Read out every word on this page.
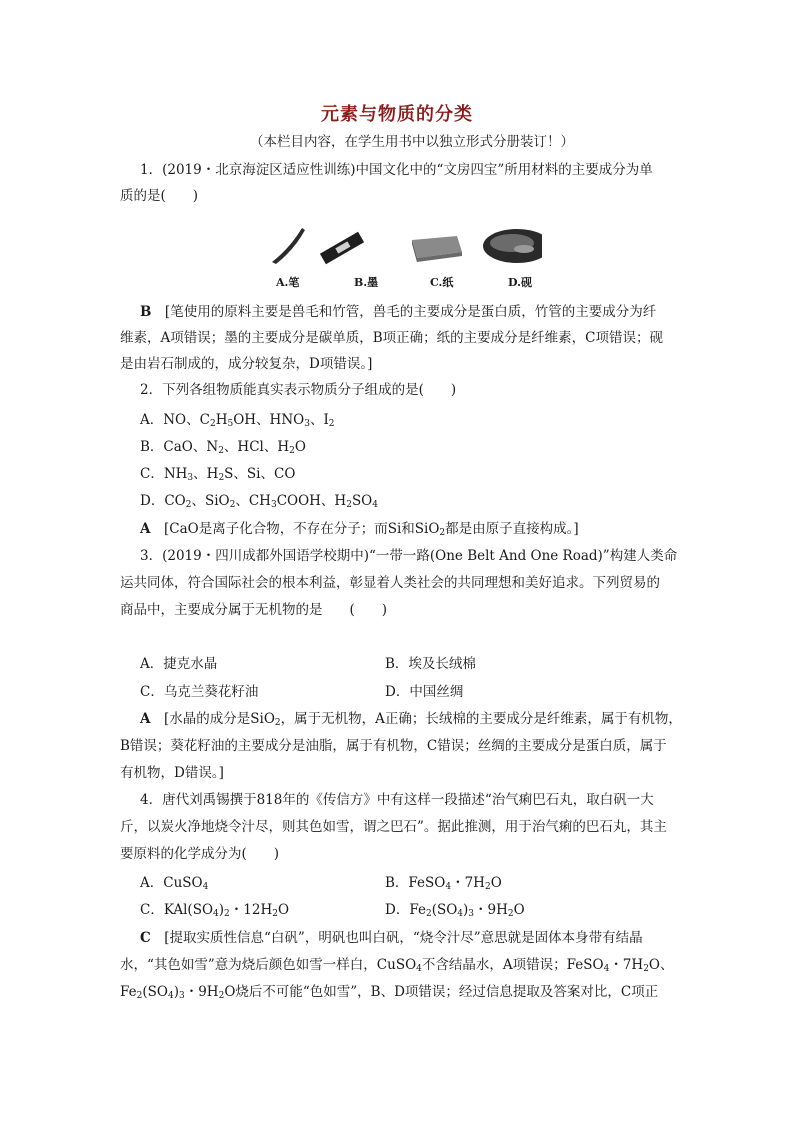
元素与物质的分类
（本栏目内容，在学生用书中以独立形式分册装订！）
1．(2019・北京海淀区适应性训练)中国文化中的“文房四宝”所用材料的主要成分为单
质的是(　　)
A.笔	B.墨	C.纸	D.砚
B　[笔使用的原料主要是兽毛和竹管，兽毛的主要成分是蛋白质，竹管的主要成分为纤
维素，A项错误；墨的主要成分是碳单质，B项正确；纸的主要成分是纤维素，C项错误；砚
是由岩石制成的，成分较复杂，D项错误。]
2．下列各组物质能真实表示物质分子组成的是(　　)
A．NO、$C_2H_5OH$、$HNO_3$、$I_2$
B．CaO、$N_2$、HCl、$H_2O$
C．$NH_3$、$H_2S$、Si、CO
D．$CO_2$、SiO$_2$、$CH_3COOH$、$H_2SO_4$
A　[CaO是离子化合物，不存在分子；而Si和SiO$_2$都是由原子直接构成。]
3．(2019・四川成都外国语学校期中)“一带一路(One Belt And One Road)”构建人类命
运共同体，符合国际社会的根本利益，彰显着人类社会的共同理想和美好追求。下列贸易的
商品中，主要成分属于无机物的是　　(　　)
A．捷克水晶	B．埃及长绒棉
C．乌克兰葵花籽油	D．中国丝绸
A　[水晶的成分是SiO$_2$，属于无机物，A正确；长绒棉的主要成分是纤维素，属于有机物，
B错误；葵花籽油的主要成分是油脂，属于有机物，C错误；丝绸的主要成分是蛋白质，属于
有机物，D错误。]
4．唐代刘禹锡撰于818年的《传信方》中有这样一段描述“治气痢巴石丸，取白矾一大
斤，以炭火净地烧令汁尽，则其色如雪，谓之巴石”。据此推测，用于治气痢的巴石丸，其主
要原料的化学成分为(　　)
A．CuSO$_4$	B．FeSO$_4$・$7H_2O$
C．$KAl(SO_4)_2$・$12H_2O$	D．$Fe_2(SO_4)_3$・$9H_2O$
C　[提取实质性信息“白矾”，明矾也叫白矾，“烧令汁尽”意思就是固体本身带有结晶
水，“其色如雪”意为烧后颜色如雪一样白，CuSO$_4$不含结晶水，A项错误；FeSO$_4$・$7H_2O$、
$Fe_2(SO_4)_3$・$9H_2O$烧后不可能“色如雪”，B、D项错误；经过信息提取及答案对比，C项正
